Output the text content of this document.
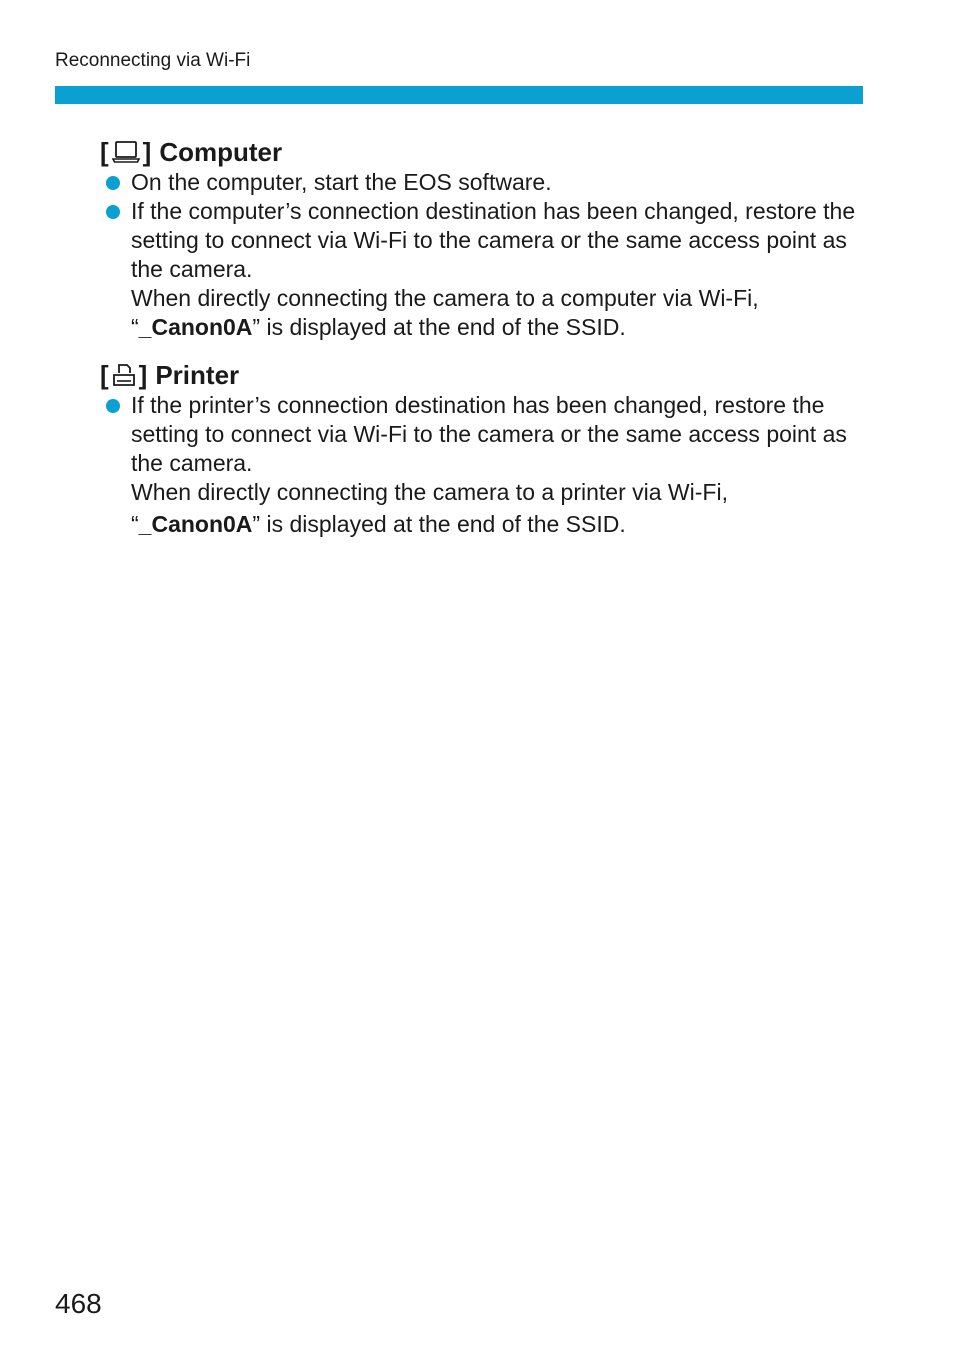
Reconnecting via Wi-Fi
[ ] Computer
On the computer, start the EOS software.
If the computer’s connection destination has been changed, restore the setting to connect via Wi-Fi to the camera or the same access point as the camera.
When directly connecting the camera to a computer via Wi-Fi,
“_Canon0A” is displayed at the end of the SSID.
[ ] Printer
If the printer’s connection destination has been changed, restore the setting to connect via Wi-Fi to the camera or the same access point as the camera.
When directly connecting the camera to a printer via Wi-Fi,
“_Canon0A” is displayed at the end of the SSID.
468
